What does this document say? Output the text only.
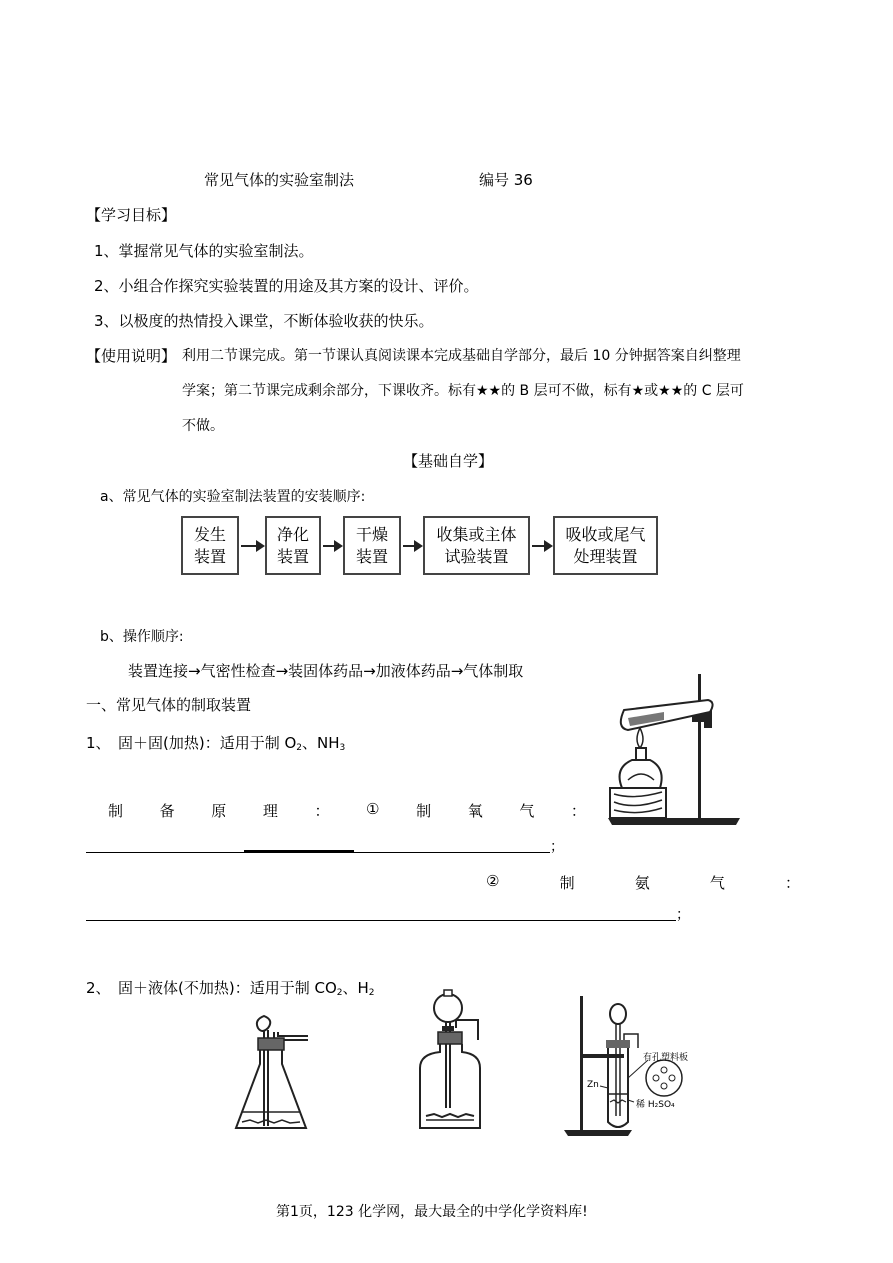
常见气体的实验室制法	编号 36
【学习目标】
1、掌握常见气体的实验室制法。
2、小组合作探究实验装置的用途及其方案的设计、评价。
3、以极度的热情投入课堂，不断体验收获的快乐。
【使用说明】 利用二节课完成。第一节课认真阅读课本完成基础自学部分，最后 10 分钟据答案自纠整理
学案；第二节课完成剩余部分，下课收齐。标有★★的 B 层可不做，标有★或★★的 C 层可
不做。
【基础自学】
a、常见气体的实验室制法装置的安装顺序:
发生
装置
净化
装置
干燥
装置
收集或主体
试验装置
吸收或尾气
处理装置
b、操作顺序:
装置连接→气密性检查→装固体药品→加液体药品→气体制取
一、常见气体的制取装置
1、 固＋固(加热)：适用于制 $O_2$、$NH_3$
制 备 原 理 ： ① 制 氧 气 ：
；
②	制	氨	气	：
；
2、 固＋液体(不加热)：适用于制 $CO_2$、$H_2$
有孔塑料板
Zn
稀 H₂SO₄
第1页，123 化学网，最大最全的中学化学资料库!
